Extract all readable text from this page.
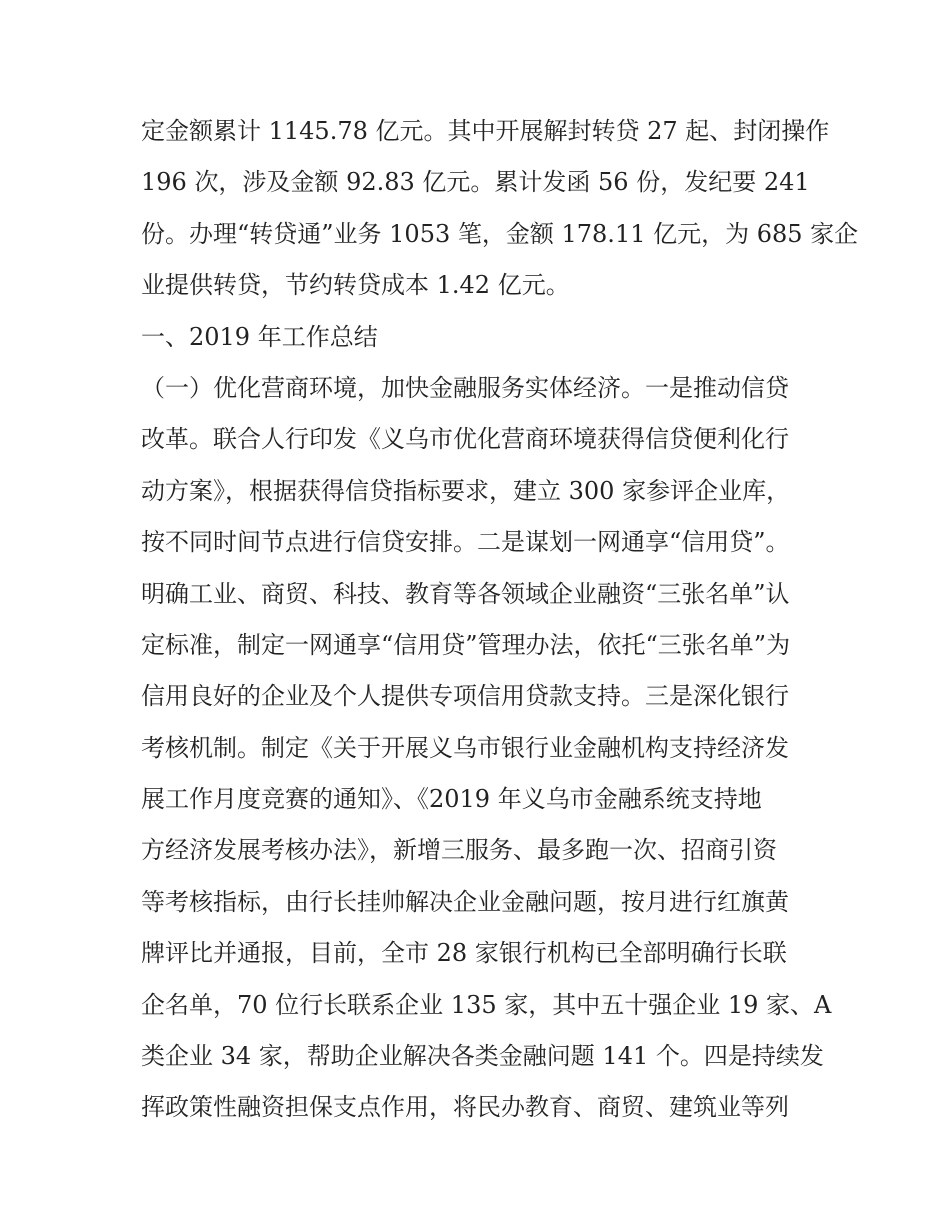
定金额累计 1145.78 亿元。其中开展解封转贷 27 起、封闭操作
196 次，涉及金额 92.83 亿元。累计发函 56 份，发纪要 241
份。办理“转贷通”业务 1053 笔，金额 178.11 亿元，为 685 家企
业提供转贷，节约转贷成本 1.42 亿元。
一、2019 年工作总结
（一）优化营商环境，加快金融服务实体经济。一是推动信贷
改革。联合人行印发《义乌市优化营商环境获得信贷便利化行
动方案》，根据获得信贷指标要求，建立 300 家参评企业库，
按不同时间节点进行信贷安排。二是谋划一网通享“信用贷”。
明确工业、商贸、科技、教育等各领域企业融资“三张名单”认
定标准，制定一网通享“信用贷”管理办法，依托“三张名单”为
信用良好的企业及个人提供专项信用贷款支持。三是深化银行
考核机制。制定《关于开展义乌市银行业金融机构支持经济发
展工作月度竞赛的通知》、《2019 年义乌市金融系统支持地
方经济发展考核办法》，新增三服务、最多跑一次、招商引资
等考核指标，由行长挂帅解决企业金融问题，按月进行红旗黄
牌评比并通报，目前，全市 28 家银行机构已全部明确行长联
企名单，70 位行长联系企业 135 家，其中五十强企业 19 家、A
类企业 34 家，帮助企业解决各类金融问题 141 个。四是持续发
挥政策性融资担保支点作用，将民办教育、商贸、建筑业等列
